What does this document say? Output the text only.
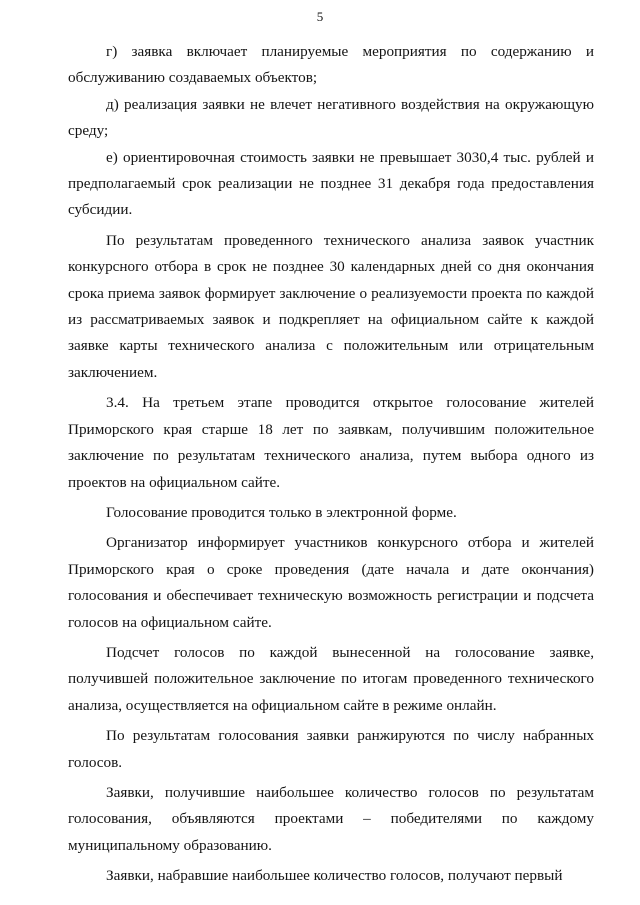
5

г) заявка включает планируемые мероприятия по содержанию и обслуживанию создаваемых объектов;

д) реализация заявки не влечет негативного воздействия на окружающую среду;

е) ориентировочная стоимость заявки не превышает 3030,4 тыс. рублей и предполагаемый срок реализации не позднее 31 декабря года предоставления субсидии.

По результатам проведенного технического анализа заявок участник конкурсного отбора в срок не позднее 30 календарных дней со дня окончания срока приема заявок формирует заключение о реализуемости проекта по каждой из рассматриваемых заявок и подкрепляет на официальном сайте к каждой заявке карты технического анализа с положительным или отрицательным заключением.

3.4. На третьем этапе проводится открытое голосование жителей Приморского края старше 18 лет по заявкам, получившим положительное заключение по результатам технического анализа, путем выбора одного из проектов на официальном сайте.

Голосование проводится только в электронной форме.

Организатор информирует участников конкурсного отбора и жителей Приморского края о сроке проведения (дате начала и дате окончания) голосования и обеспечивает техническую возможность регистрации и подсчета голосов на официальном сайте.

Подсчет голосов по каждой вынесенной на голосование заявке, получившей положительное заключение по итогам проведенного технического анализа, осуществляется на официальном сайте в режиме онлайн.

По результатам голосования заявки ранжируются по числу набранных голосов.

Заявки, получившие наибольшее количество голосов по результатам голосования, объявляются проектами – победителями по каждому муниципальному образованию.

Заявки, набравшие наибольшее количество голосов, получают первый
